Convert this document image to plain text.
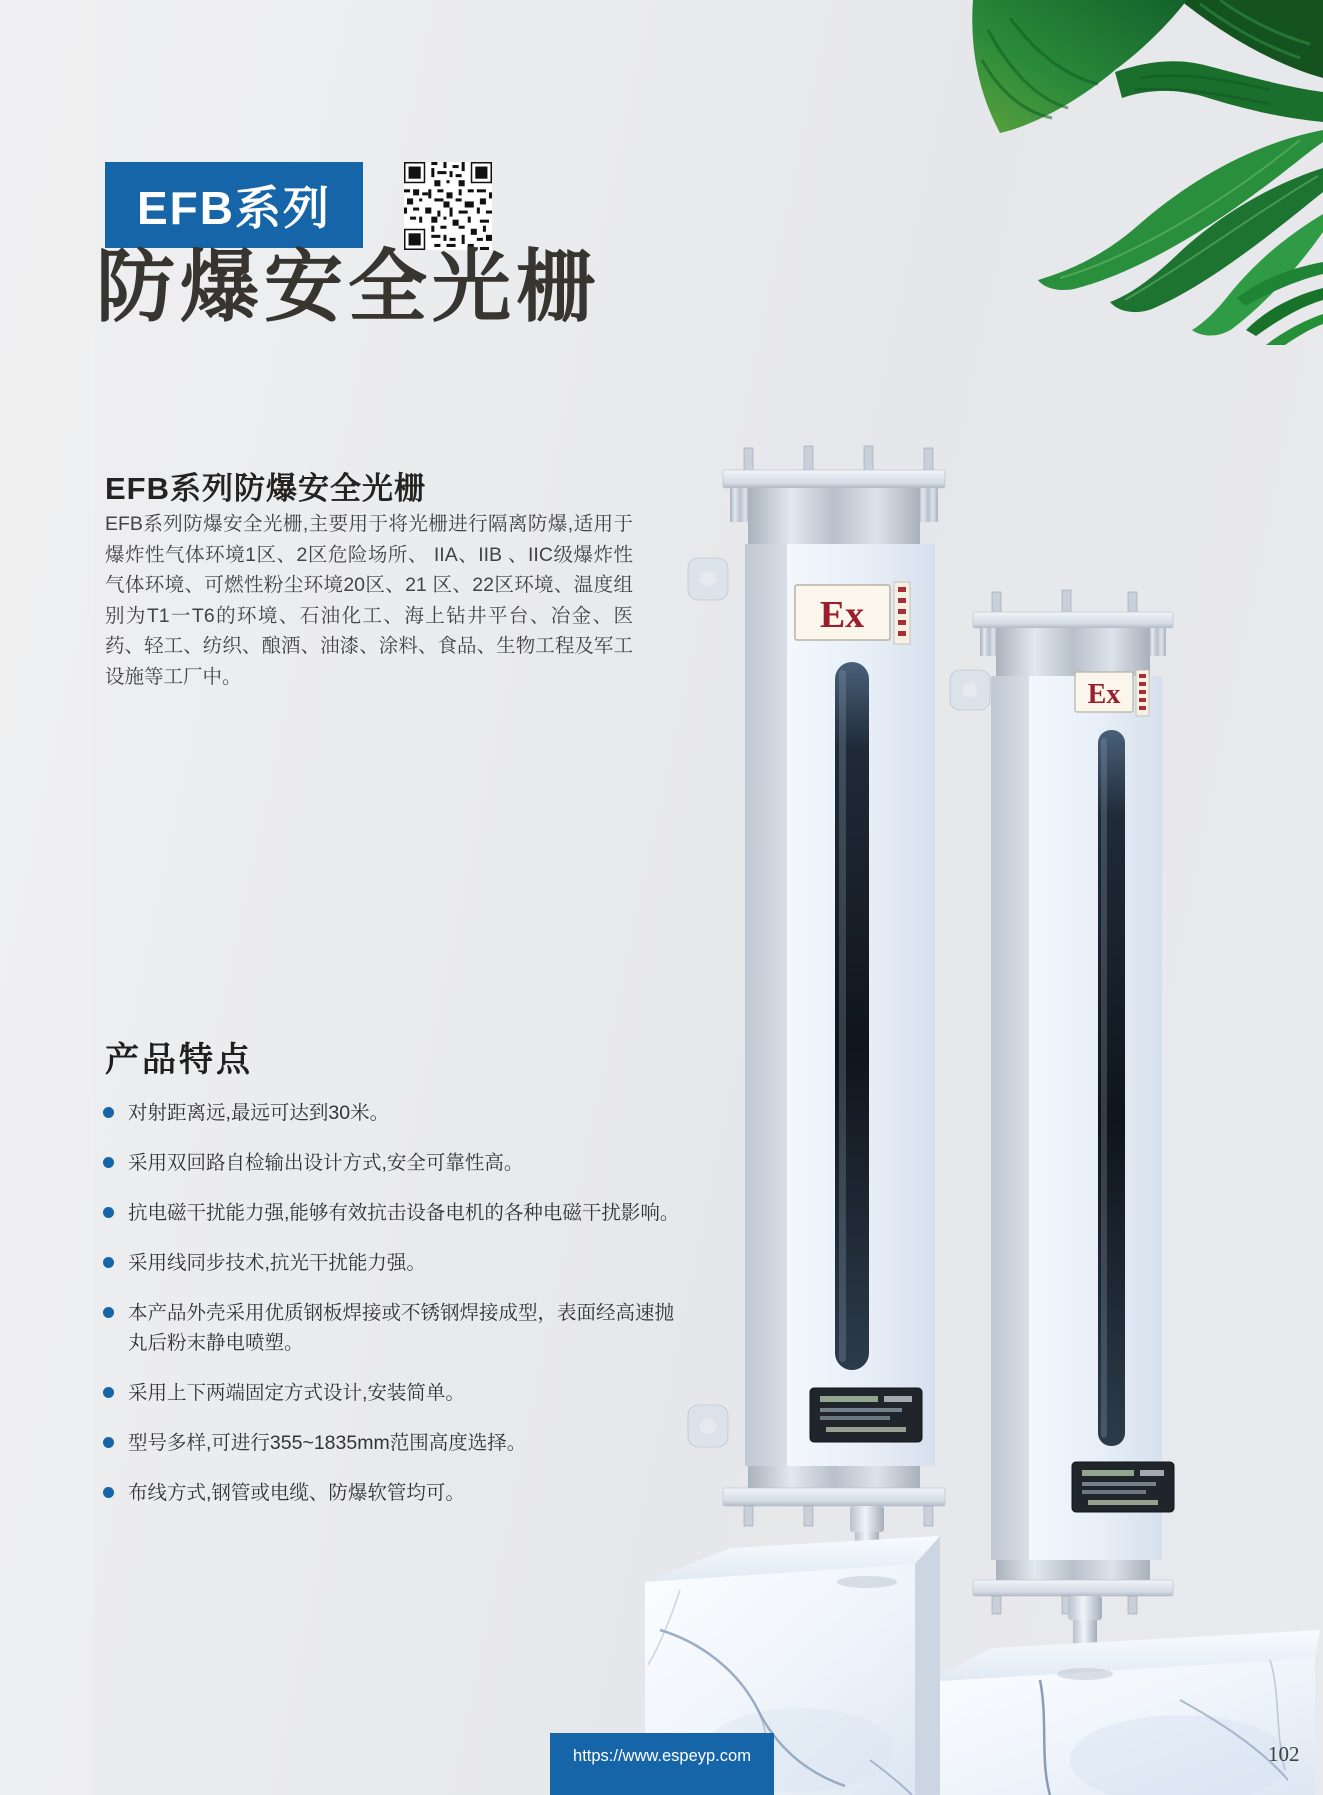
EFB系列
防爆安全光栅
EFB系列防爆安全光栅
EFB系列防爆安全光栅,主要用于将光栅进行隔离防爆,适用于爆炸性气体环境1区、2区危险场所、 IIA、IIB 、IIC级爆炸性气体环境、可燃性粉尘环境20区、21 区、22区环境、温度组别为T1一T6的环境、石油化工、海上钻井平台、冶金、医药、轻工、纺织、酿酒、油漆、涂料、食品、生物工程及军工设施等工厂中。
产品特点
对射距离远,最远可达到30米。
采用双回路自检输出设计方式,安全可靠性高。
抗电磁干扰能力强,能够有效抗击设备电机的各种电磁干扰影响。
采用线同步技术,抗光干扰能力强。
本产品外壳采用优质钢板焊接或不锈钢焊接成型，表面经高速抛丸后粉末静电喷塑。
采用上下两端固定方式设计,安装简单。
型号多样,可进行355~1835mm范围高度选择。
布线方式,钢管或电缆、防爆软管均可。
Ex
Ex
https://www.espeyp.com	102
